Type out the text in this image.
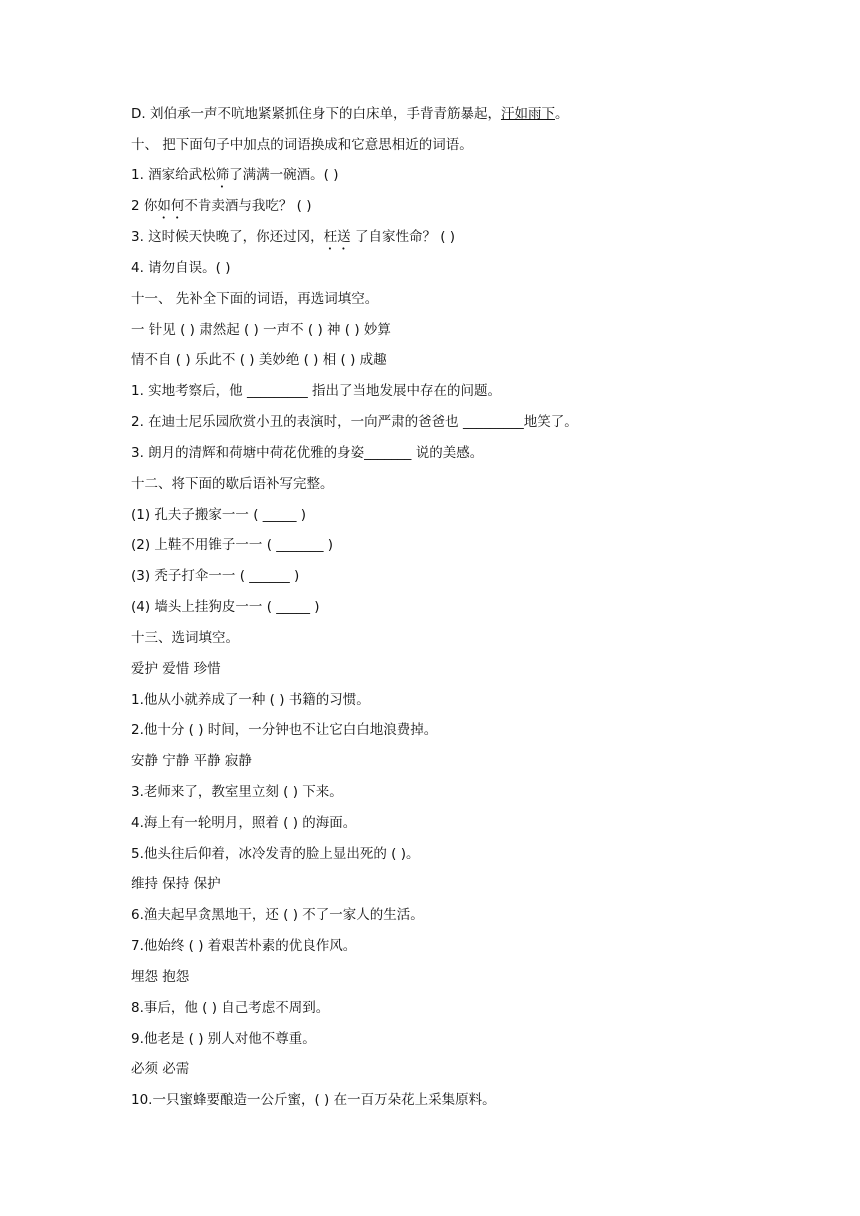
D. 刘伯承一声不吭地紧紧抓住身下的白床单，手背青筋暴起，汗如雨下。
十、 把下面句子中加点的词语换成和它意思相近的词语。
1. 酒家给武松筛了满满一碗酒。( )
2 你如何不肯卖酒与我吃？ ( )
3. 这时候天快晚了，你还过冈，枉送 了自家性命？ ( )
4. 请勿自误。( )
十一、 先补全下面的词语，再选词填空。
一 针见 ( ) 肃然起 ( ) 一声不 ( ) 神 ( ) 妙算
情不自 ( ) 乐此不 ( ) 美妙绝 ( ) 相 ( ) 成趣
1. 实地考察后，他 _________ 指出了当地发展中存在的问题。
2. 在迪士尼乐园欣赏小丑的表演时，一向严肃的爸爸也 _________地笑了。
3. 朗月的清辉和荷塘中荷花优雅的身姿_______ 说的美感。
十二、将下面的歇后语补写完整。
(1) 孔夫子搬家一一 ( _____ )
(2) 上鞋不用锥子一一 ( _______ )
(3) 秃子打伞一一 ( ______ )
(4) 墙头上挂狗皮一一 ( _____ )
十三、选词填空。
爱护 爱惜 珍惜
1.他从小就养成了一种 ( ) 书籍的习惯。
2.他十分 ( ) 时间，一分钟也不让它白白地浪费掉。
安静 宁静 平静 寂静
3.老师来了，教室里立刻 ( ) 下来。
4.海上有一轮明月，照着 ( ) 的海面。
5.他头往后仰着，冰冷发青的脸上显出死的 ( )。
维持 保持 保护
6.渔夫起早贪黑地干，还 ( ) 不了一家人的生活。
7.他始终 ( ) 着艰苦朴素的优良作风。
埋怨 抱怨
8.事后，他 ( ) 自己考虑不周到。
9.他老是 ( ) 别人对他不尊重。
必须 必需
10.一只蜜蜂要酿造一公斤蜜，( ) 在一百万朵花上采集原料。
